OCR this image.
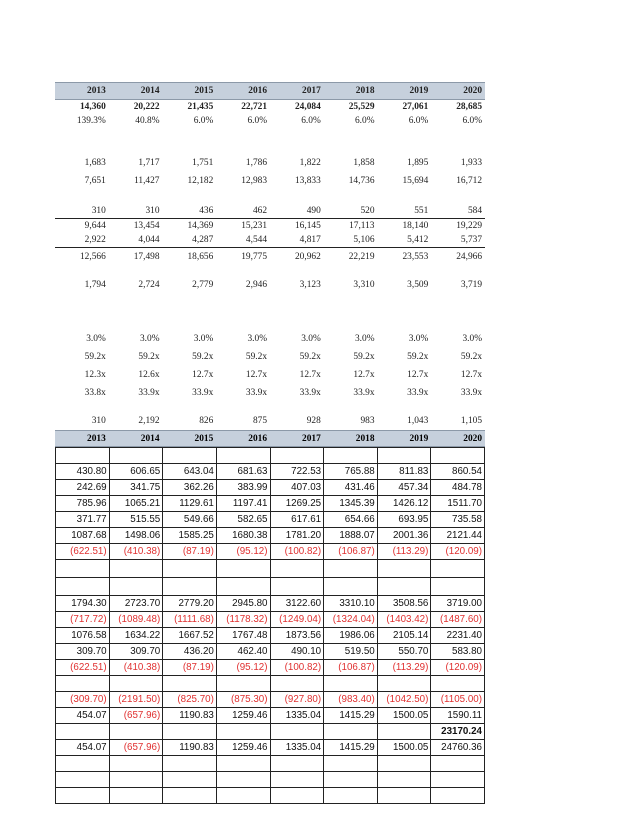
2013	2014	2015	2016	2017	2018	2019	2020
14,360	20,222	21,435	22,721	24,084	25,529	27,061	28,685
139.3%	40.8%	6.0%	6.0%	6.0%	6.0%	6.0%	6.0%

1,683	1,717	1,751	1,786	1,822	1,858	1,895	1,933
7,651	11,427	12,182	12,983	13,833	14,736	15,694	16,712

310	310	436	462	490	520	551	584
9,644	13,454	14,369	15,231	16,145	17,113	18,140	19,229
2,922	4,044	4,287	4,544	4,817	5,106	5,412	5,737
12,566	17,498	18,656	19,775	20,962	22,219	23,553	24,966

1,794	2,724	2,779	2,946	3,123	3,310	3,509	3,719

3.0%	3.0%	3.0%	3.0%	3.0%	3.0%	3.0%	3.0%
59.2x	59.2x	59.2x	59.2x	59.2x	59.2x	59.2x	59.2x
12.3x	12.6x	12.7x	12.7x	12.7x	12.7x	12.7x	12.7x
33.8x	33.9x	33.9x	33.9x	33.9x	33.9x	33.9x	33.9x

310	2,192	826	875	928	983	1,043	1,105
2013	2014	2015	2016	2017	2018	2019	2020

430.80	606.65	643.04	681.63	722.53	765.88	811.83	860.54
242.69	341.75	362.26	383.99	407.03	431.46	457.34	484.78
785.96	1065.21	1129.61	1197.41	1269.25	1345.39	1426.12	1511.70
371.77	515.55	549.66	582.65	617.61	654.66	693.95	735.58
1087.68	1498.06	1585.25	1680.38	1781.20	1888.07	2001.36	2121.44
(622.51)	(410.38)	(87.19)	(95.12)	(100.82)	(106.87)	(113.29)	(120.09)

1794.30	2723.70	2779.20	2945.80	3122.60	3310.10	3508.56	3719.00
(717.72)	(1089.48)	(1111.68)	(1178.32)	(1249.04)	(1324.04)	(1403.42)	(1487.60)
1076.58	1634.22	1667.52	1767.48	1873.56	1986.06	2105.14	2231.40
309.70	309.70	436.20	462.40	490.10	519.50	550.70	583.80
(622.51)	(410.38)	(87.19)	(95.12)	(100.82)	(106.87)	(113.29)	(120.09)

(309.70)	(2191.50)	(825.70)	(875.30)	(927.80)	(983.40)	(1042.50)	(1105.00)
454.07	(657.96)	1190.83	1259.46	1335.04	1415.29	1500.05	1590.11
							23170.24
454.07	(657.96)	1190.83	1259.46	1335.04	1415.29	1500.05	24760.36
